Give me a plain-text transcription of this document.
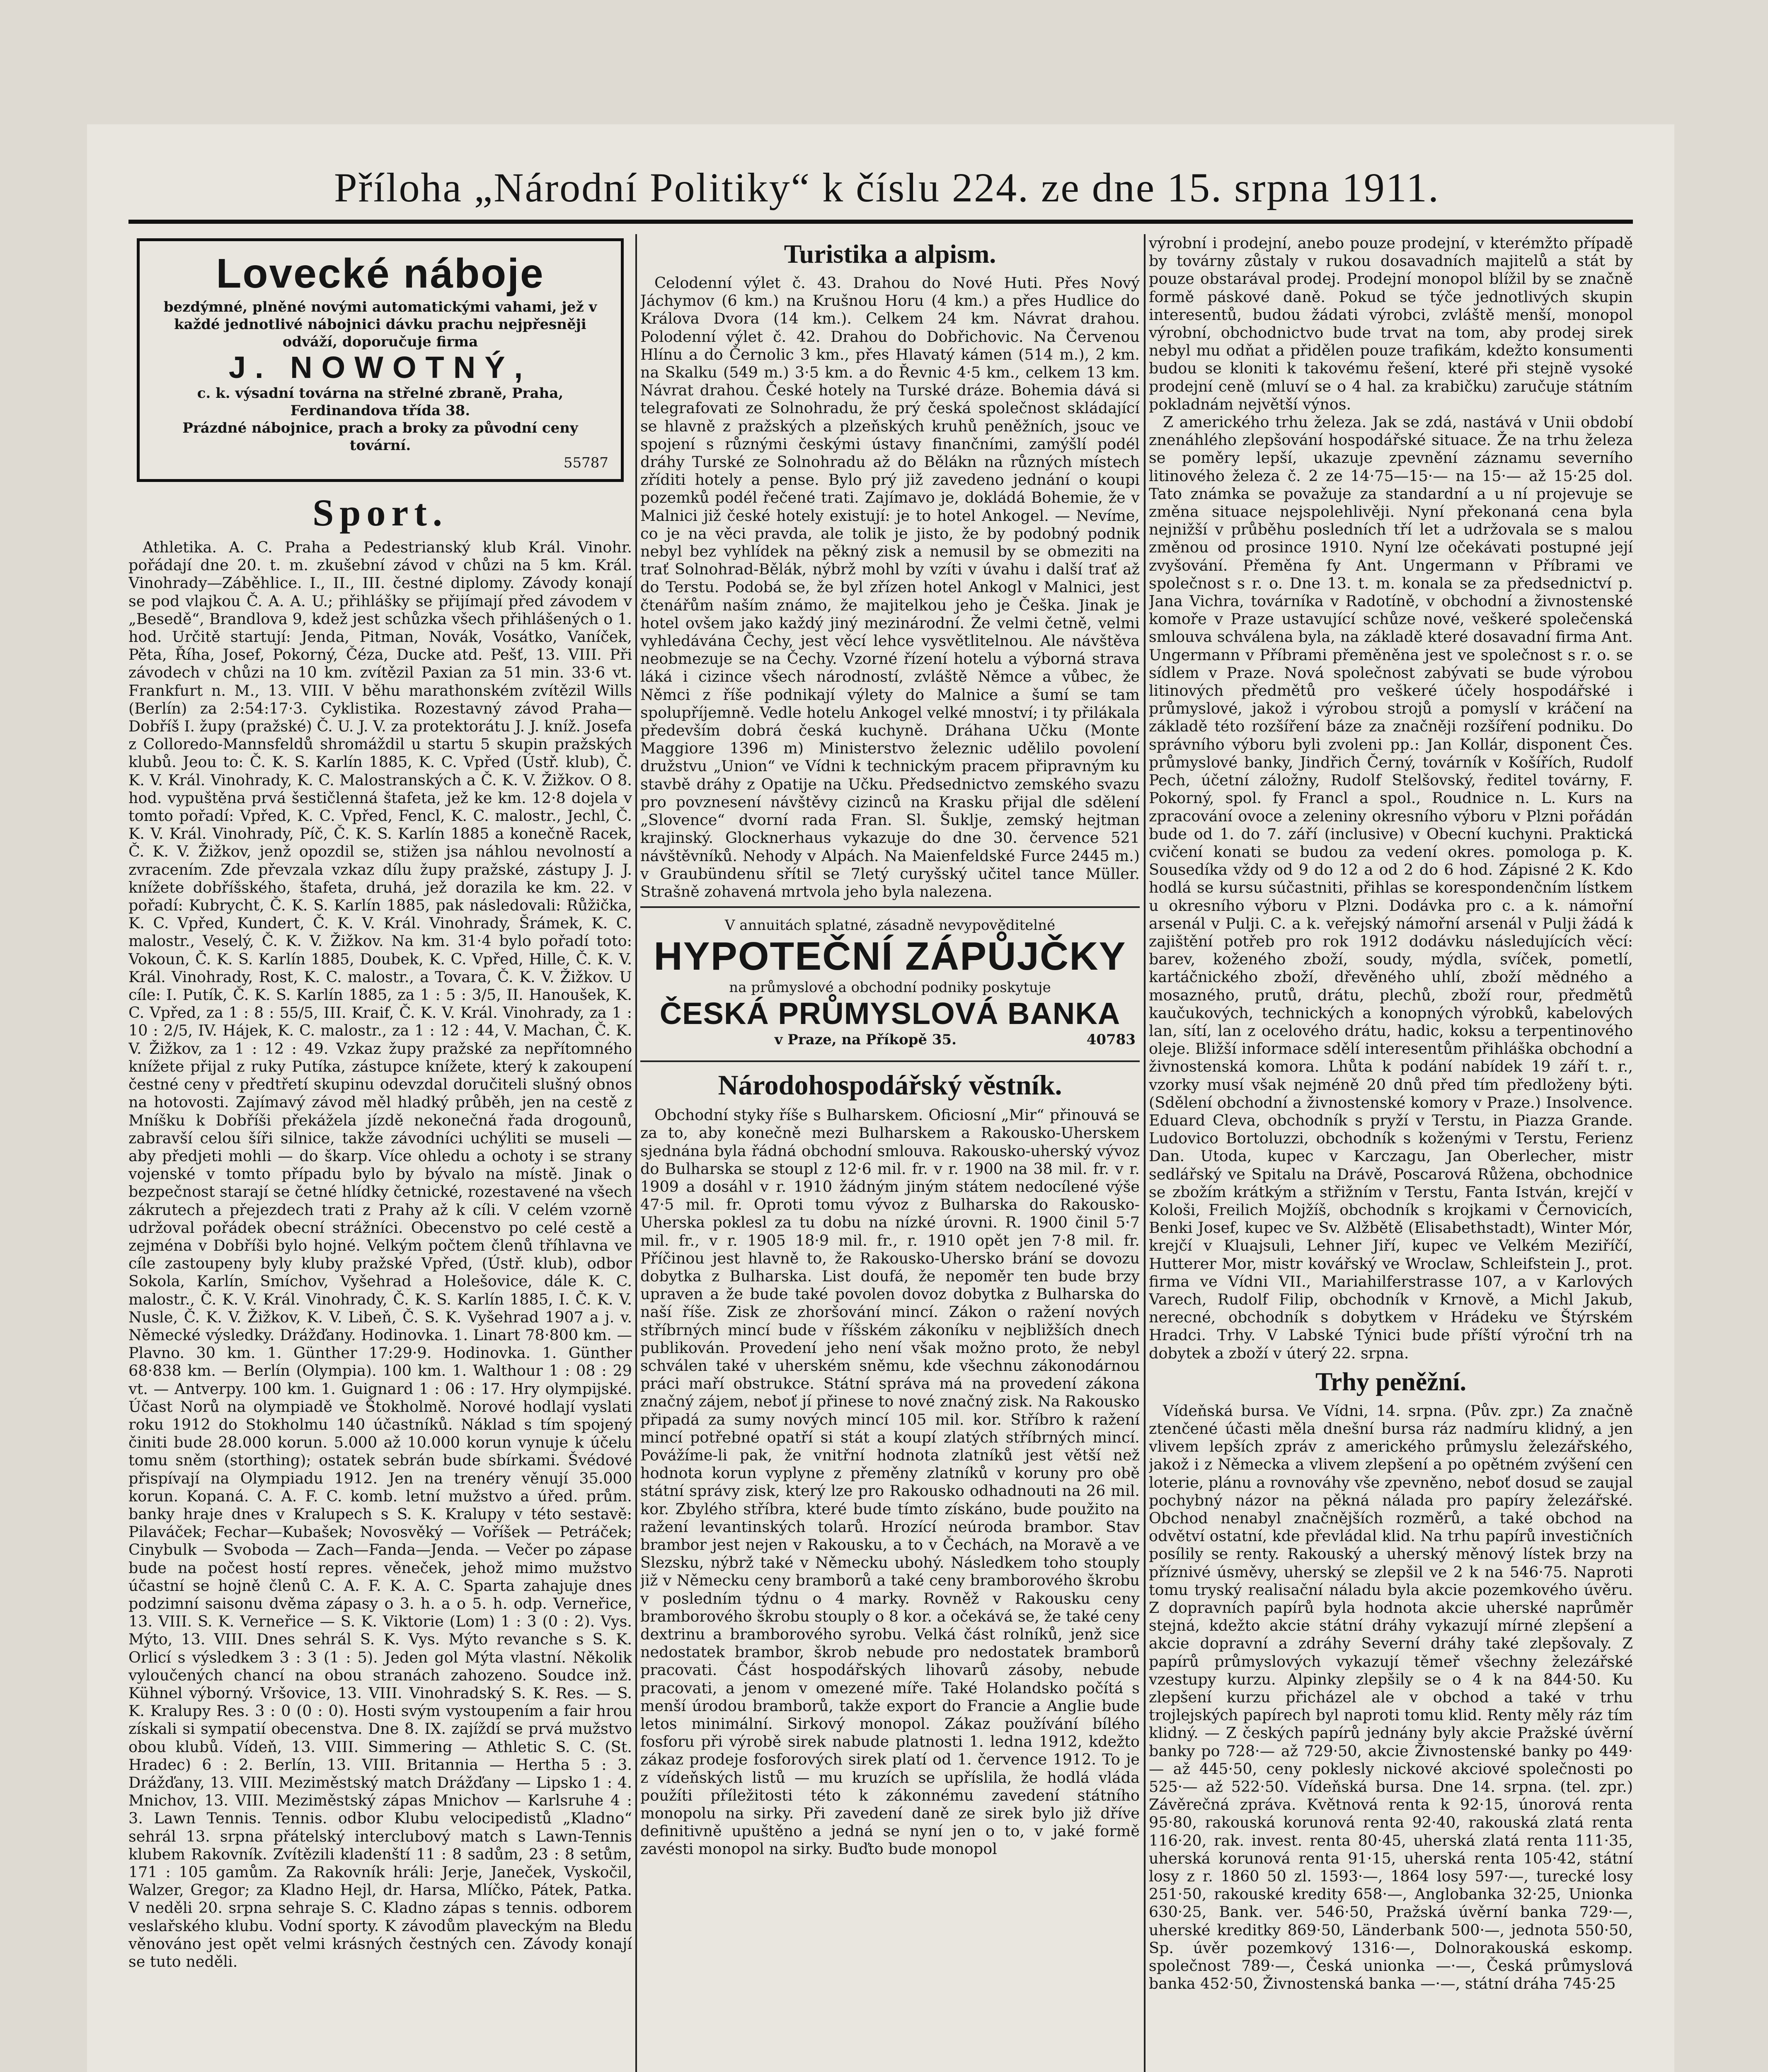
Příloha „Národní Politiky“ k číslu 224. ze dne 15. srpna 1911.
Lovecké náboje
bezdýmné, plněné novými automatickými vahami, jež v každé jednotlivé nábojnici dávku prachu nejpřesněji odváží, doporučuje firma
J. NOWOTNÝ,
c. k. výsadní továrna na střelné zbraně, Praha, Ferdinandova třída 38.
Prázdné nábojnice, prach a broky za původní ceny tovární.
55787
Sport.

Athletika. A. C. Praha a Pedestrianský klub Král. Vinohr. pořádají dne 20. t. m. zkušební závod v chůzi na 5 km. Král. Vinohrady—Záběhlice. I., II., III. čestné diplomy. Závody konají se pod vlajkou Č. A. A. U.; přihlášky se přijímají před závodem v „Besedě“, Brandlova 9, kdež jest schůzka všech přihlášených o 1. hod. Určitě startují: Jenda, Pitman, Novák, Vosátko, Vaníček, Pěta, Říha, Josef, Pokorný, Čéza, Ducke atd. Pešť, 13. VIII. Při závodech v chůzi na 10 km. zvítězil Paxian za 51 min. 33·6 vt. Frankfurt n. M., 13. VIII. V běhu marathonském zvítězil Wills (Berlín) za 2:54:17·3. Cyklistika. Rozestavný závod Praha—Dobříš I. župy (pražské) Č. U. J. V. za protektorátu J. J. kníž. Josefa z Colloredo-Mannsfeldů shromáždil u startu 5 skupin pražských klubů. Jeou to: Č. K. S. Karlín 1885, K. C. Vpřed (Ústř. klub), Č. K. V. Král. Vinohrady, K. C. Malostranských a Č. K. V. Žižkov. O 8. hod. vypuštěna prvá šestičlenná štafeta, jež ke km. 12·8 dojela v tomto pořadí: Vpřed, K. C. Vpřed, Fencl, K. C. malostr., Jechl, Č. K. V. Král. Vinohrady, Píč, Č. K. S. Karlín 1885 a konečně Racek, Č. K. V. Žižkov, jenž opozdil se, stižen jsa náhlou nevolností a zvracením. Zde převzala vzkaz dílu župy pražské, zástupy J. J. knížete dobříšského, štafeta, druhá, jež dorazila ke km. 22. v pořadí: Kubrycht, Č. K. S. Karlín 1885, pak následovali: Růžička, K. C. Vpřed, Kundert, Č. K. V. Král. Vinohrady, Šrámek, K. C. malostr., Veselý, Č. K. V. Žižkov. Na km. 31·4 bylo pořadí toto: Vokoun, Č. K. S. Karlín 1885, Doubek, K. C. Vpřed, Hille, Č. K. V. Král. Vinohrady, Rost, K. C. malostr., a Tovara, Č. K. V. Žižkov. U cíle: I. Putík, Č. K. S. Karlín 1885, za 1 : 5 : 3/5, II. Hanoušek, K. C. Vpřed, za 1 : 8 : 55/5, III. Kraif, Č. K. V. Král. Vinohrady, za 1 : 10 : 2/5, IV. Hájek, K. C. malostr., za 1 : 12 : 44, V. Machan, Č. K. V. Žižkov, za 1 : 12 : 49. Vzkaz župy pražské za nepřítomného knížete přijal z ruky Putíka, zástupce knížete, který k zakoupení čestné ceny v předtřetí skupinu odevzdal doručiteli slušný obnos na hotovosti. Zajímavý závod měl hladký průběh, jen na cestě z Mníšku k Dobříši překážela jízdě nekonečná řada drogounů, zabravší celou šíři silnice, takže závodníci uchýliti se museli — aby předjeti mohli — do škarp. Více ohledu a ochoty i se strany vojenské v tomto případu bylo by bývalo na místě. Jinak o bezpečnost starají se četné hlídky četnické, rozestavené na všech zákrutech a přejezdech trati z Prahy až k cíli. V celém vzorně udržoval pořádek obecní strážníci. Obecenstvo po celé cestě a zejména v Dobříši bylo hojné. Velkým počtem členů tříhlavna ve cíle zastoupeny byly kluby pražské Vpřed, (Ústř. klub), odbor Sokola, Karlín, Smíchov, Vyšehrad a Holešovice, dále K. C. malostr., Č. K. V. Král. Vinohrady, Č. K. S. Karlín 1885, I. Č. K. V. Nusle, Č. K. V. Žižkov, K. V. Libeň, Č. S. K. Vyšehrad 1907 a j. v. Německé výsledky. Drážďany. Hodinovka. 1. Linart 78·800 km. — Plavno. 30 km. 1. Günther 17:29·9. Hodinovka. 1. Günther 68·838 km. — Berlín (Olympia). 100 km. 1. Walthour 1 : 08 : 29 vt. — Antverpy. 100 km. 1. Guignard 1 : 06 : 17. Hry olympijské. Účast Norů na olympiadě ve Štokholmě. Norové hodlají vyslati roku 1912 do Stokholmu 140 účastníků. Náklad s tím spojený činiti bude 28.000 korun. 5.000 až 10.000 korun vynuje k účelu tomu sněm (storthing); ostatek sebrán bude sbírkami. Švédové přispívají na Olympiadu 1912. Jen na trenéry věnují 35.000 korun. Kopaná. C. A. F. C. komb. letní mužstvo a úřed. prům. banky hraje dnes v Kralupech s S. K. Kralupy v této sestavě: Pilaváček; Fechar—Kubašek; Novosvěký — Voříšek — Petráček; Cinybulk — Svoboda — Zach—Fanda—Jenda. — Večer po zápase bude na počest hostí repres. věneček, jehož mimo mužstvo účastní se hojně členů C. A. F. K. A. C. Sparta zahajuje dnes podzimní saisonu dvěma zápasy o 3. h. a o 5. h. odp. Verneřice, 13. VIII. S. K. Verneřice — S. K. Viktorie (Lom) 1 : 3 (0 : 2). Vys. Mýto, 13. VIII. Dnes sehrál S. K. Vys. Mýto revanche s S. K. Orlicí s výsledkem 3 : 3 (1 : 5). Jeden gol Mýta vlastní. Několik vyloučených chancí na obou stranách zahozeno. Soudce inž. Kühnel výborný. Vršovice, 13. VIII. Vinohradský S. K. Res. — S. K. Kralupy Res. 3 : 0 (0 : 0). Hosti svým vystoupením a fair hrou získali si sympatií obecenstva. Dne 8. IX. zajíždí se prvá mužstvo obou klubů. Vídeň, 13. VIII. Simmering — Athletic S. C. (St. Hradec) 6 : 2. Berlín, 13. VIII. Britannia — Hertha 5 : 3. Drážďany, 13. VIII. Meziměstský match Drážďany — Lipsko 1 : 4. Mnichov, 13. VIII. Meziměstský zápas Mnichov — Karlsruhe 4 : 3. Lawn Tennis. Tennis. odbor Klubu velocipedistů „Kladno“ sehrál 13. srpna přátelský interclubový match s Lawn-Tennis klubem Rakovník. Zvítězili kladenští 11 : 8 sadům, 23 : 8 setům, 171 : 105 gamům. Za Rakovník hráli: Jerje, Janeček, Vyskočil, Walzer, Gregor; za Kladno Hejl, dr. Harsa, Mlíčko, Pátek, Patka. V neděli 20. srpna sehraje S. C. Kladno zápas s tennis. odborem veslařského klubu. Vodní sporty. K závodům plaveckým na Bledu věnováno jest opět velmi krásných čestných cen. Závody konají se tuto neděli.

Turistika a alpism.

Celodenní výlet č. 43. Drahou do Nové Huti. Přes Nový Jáchymov (6 km.) na Krušnou Horu (4 km.) a přes Hudlice do Králova Dvora (14 km.). Celkem 24 km. Návrat drahou. Polodenní výlet č. 42. Drahou do Dobřichovic. Na Červenou Hlínu a do Černolic 3 km., přes Hlavatý kámen (514 m.), 2 km. na Skalku (549 m.) 3·5 km. a do Řevnic 4·5 km., celkem 13 km. Návrat drahou. České hotely na Turské dráze. Bohemia dává si telegrafovati ze Solnohradu, že prý česká společnost skládající se hlavně z pražských a plzeňských kruhů peněžních, jsouc ve spojení s různými českými ústavy finančními, zamýšlí podél dráhy Turské ze Solnohradu až do Bělákn na různých místech zříditi hotely a pense. Bylo prý již zavedeno jednání o koupi pozemků podél řečené trati. Zajímavo je, dokládá Bohemie, že v Malnici již české hotely existují: je to hotel Ankogel. — Nevíme, co je na věci pravda, ale tolik je jisto, že by podobný podnik nebyl bez vyhlídek na pěkný zisk a nemusil by se obmeziti na trať Solnohrad-Bělák, nýbrž mohl by vzíti v úvahu i další trať až do Terstu. Podobá se, že byl zřízen hotel Ankogl v Malnici, jest čtenářům naším známo, že majitelkou jeho je Češka. Jinak je hotel ovšem jako každý jiný mezinárodní. Že velmi četně, velmi vyhledávána Čechy, jest věcí lehce vysvětlitelnou. Ale návštěva neobmezuje se na Čechy. Vzorné řízení hotelu a výborná strava láká i cizince všech národností, zvláště Němce a vůbec, že Němci z říše podnikají výlety do Malnice a šumí se tam spolupříjemně. Vedle hotelu Ankogel velké mnoství; i ty přilákala především dobrá česká kuchyně. Dráhana Učku (Monte Maggiore 1396 m) Ministerstvo železnic udělilo povolení družstvu „Union“ ve Vídni k technickým pracem připravným ku stavbě dráhy z Opatije na Učku. Předsednictvo zemského svazu pro povznesení návštěvy cizinců na Krasku přijal dle sdělení „Slovence“ dvorní rada Fran. Sl. Šuklje, zemský hejtman krajinský. Glocknerhaus vykazuje do dne 30. července 521 návštěvníků. Nehody v Alpách. Na Maienfeldské Furce 2445 m.) v Graubündenu sřítil se 7letý curyšský učitel tance Müller. Strašně zohavená mrtvola jeho byla nalezena.

V annuitách splatné, zásadně nevypověditelné
HYPOTEČNÍ ZÁPŮJČKY
na průmyslové a obchodní podniky poskytuje
ČESKÁ PRŮMYSLOVÁ BANKA
v Praze, na Příkopě 35.	40783
Národohospodářský věstník.

Obchodní styky říše s Bulharskem. Oficiosní „Mir“ přinouvá se za to, aby konečně mezi Bulharskem a Rakousko-Uherskem sjednána byla řádná obchodní smlouva. Rakousko-uherský vývoz do Bulharska se stoupl z 12·6 mil. fr. v r. 1900 na 38 mil. fr. v r. 1909 a dosáhl v r. 1910 žádným jiným státem nedocílené výše 47·5 mil. fr. Oproti tomu vývoz z Bulharska do Rakousko-Uherska poklesl za tu dobu na nízké úrovni. R. 1900 činil 5·7 mil. fr., v r. 1905 18·9 mil. fr., r. 1910 opět jen 7·8 mil. fr. Příčinou jest hlavně to, že Rakousko-Uhersko brání se dovozu dobytka z Bulharska. List doufá, že nepoměr ten bude brzy upraven a že bude také povolen dovoz dobytka z Bulharska do naší říše. Zisk ze zhoršování mincí. Zákon o ražení nových stříbrných mincí bude v říšském zákoníku v nejbližších dnech publikován. Provedení jeho není však možno proto, že nebyl schválen také v uherském sněmu, kde všechnu zákonodárnou práci maří obstrukce. Státní správa má na provedení zákona značný zájem, neboť jí přinese to nové značný zisk. Na Rakousko připadá za sumy nových mincí 105 mil. kor. Stříbro k ražení mincí potřebné opatří si stát a koupí zlatých stříbrných mincí. Povážíme-li pak, že vnitřní hodnota zlatníků jest větší než hodnota korun vyplyne z přeměny zlatníků v koruny pro obě státní správy zisk, který lze pro Rakousko odhadnouti na 26 mil. kor. Zbylého stříbra, které bude tímto získáno, bude použito na ražení levantinských tolarů. Hrozící neúroda brambor. Stav brambor jest nejen v Rakousku, a to v Čechách, na Moravě a ve Slezsku, nýbrž také v Německu ubohý. Následkem toho stouply již v Německu ceny bramborů a také ceny bramborového škrobu v posledním týdnu o 4 marky. Rovněž v Rakousku ceny bramborového škrobu stouply o 8 kor. a očekává se, že také ceny dextrinu a bramborového syrobu. Velká část rolníků, jenž sice nedostatek brambor, škrob nebude pro nedostatek bramborů pracovati. Část hospodářských lihovarů zásoby, nebude pracovati, a jenom v omezené míře. Také Holandsko počítá s menší úrodou bramborů, takže export do Francie a Anglie bude letos minimální. Sirkový monopol. Zákaz používání bílého fosforu při výrobě sirek nabude platnosti 1. ledna 1912, kdežto zákaz prodeje fosforových sirek platí od 1. července 1912. To je z vídeňských listů — mu kruzích se upříslila, že hodlá vláda použíti příležitosti této k zákonnému zavedení státního monopolu na sirky. Při zavedení daně ze sirek bylo již dříve definitivně upuštěno a jedná se nyní jen o to, v jaké formě zavésti monopol na sirky. Buďto bude monopol

výrobní i prodejní, anebo pouze prodejní, v kterémžto případě by továrny zůstaly v rukou dosavadních majitelů a stát by pouze obstarával prodej. Prodejní monopol blížil by se značně formě páskové daně. Pokud se týče jednotlivých skupin interesentů, budou žádati výrobci, zvláště menší, monopol výrobní, obchodnictvo bude trvat na tom, aby prodej sirek nebyl mu odňat a přidělen pouze trafikám, kdežto konsumenti budou se kloniti k takovému řešení, které při stejně vysoké prodejní ceně (mluví se o 4 hal. za krabičku) zaručuje státním pokladnám největší výnos.

Z amerického trhu železa. Jak se zdá, nastává v Unii období znenáhlého zlepšování hospodářské situace. Že na trhu železa se poměry lepší, ukazuje zpevnění záznamu severního litinového železa č. 2 ze 14·75—15·— na 15·— až 15·25 dol. Tato známka se považuje za standardní a u ní projevuje se změna situace nejspolehlivěji. Nyní překonaná cena byla nejnižší v průběhu posledních tří let a udržovala se s malou změnou od prosince 1910. Nyní lze očekávati postupné její zvyšování. Přeměna fy Ant. Ungermann v Příbrami ve společnost s r. o. Dne 13. t. m. konala se za předsednictví p. Jana Vichra, továrníka v Radotíně, v obchodní a živnostenské komoře v Praze ustavující schůze nové, veškeré společenská smlouva schválena byla, na základě které dosavadní firma Ant. Ungermann v Příbrami přeměněna jest ve společnost s r. o. se sídlem v Praze. Nová společnost zabývati se bude výrobou litinových předmětů pro veškeré účely hospodářské i průmyslové, jakož i výrobou strojů a pomyslí v kráčení na základě této rozšíření báze za značněji rozšíření podniku. Do správního výboru byli zvoleni pp.: Jan Kollár, disponent Čes. průmyslové banky, Jindřich Černý, továrník v Košířích, Rudolf Pech, účetní záložny, Rudolf Stelšovský, ředitel továrny, F. Pokorný, spol. fy Francl a spol., Roudnice n. L. Kurs na zpracování ovoce a zeleniny okresního výboru v Plzni pořádán bude od 1. do 7. září (inclusive) v Obecní kuchyni. Praktická cvičení konati se budou za vedení okres. pomologa p. K. Sousedíka vždy od 9 do 12 a od 2 do 6 hod. Zápisné 2 K. Kdo hodlá se kursu súčastniti, přihlas se korespondenčním lístkem u okresního výboru v Plzni. Dodávka pro c. a k. námořní arsenál v Pulji. C. a k. veřejský námořní arsenál v Pulji žádá k zajištění potřeb pro rok 1912 dodávku následujících věcí: barev, koženého zboží, soudy, mýdla, svíček, pometlí, kartáčnického zboží, dřevěného uhlí, zboží mědného a mosazného, prutů, drátu, plechů, zboží rour, předmětů kaučukových, technických a konopných výrobků, kabelových lan, sítí, lan z ocelového drátu, hadic, koksu a terpentinového oleje. Bližší informace sdělí interesentům přihláška obchodní a živnostenská komora. Lhůta k podání nabídek 19 září t. r., vzorky musí však nejméně 20 dnů před tím předloženy býti. (Sdělení obchodní a živnostenské komory v Praze.) Insolvence. Eduard Cleva, obchodník s pryží v Terstu, in Piazza Grande. Ludovico Bortoluzzi, obchodník s koženými v Terstu, Ferienz Dan. Utoda, kupec v Karczagu, Jan Oberlecher, mistr sedlářský ve Spitalu na Drávě, Poscarová Růžena, obchodnice se zbožím krátkým a střižním v Terstu, Fanta István, krejčí v Kološi, Freilich Mojžíš, obchodník s krojkami v Černovicích, Benki Josef, kupec ve Sv. Alžbětě (Elisabethstadt), Winter Mór, krejčí v Kluajsuli, Lehner Jiří, kupec ve Velkém Meziříčí, Hutterer Mor, mistr kovářský ve Wroclaw, Schleifstein J., prot. firma ve Vídni VII., Mariahilferstrasse 107, a v Karlových Varech, Rudolf Filip, obchodník v Krnově, a Michl Jakub, nerecné, obchodník s dobytkem v Hrádeku ve Štýrském Hradci. Trhy. V Labské Týnici bude příští výroční trh na dobytek a zboží v úterý 22. srpna.

Trhy peněžní.

Vídeňská bursa. Ve Vídni, 14. srpna. (Pův. zpr.) Za značně ztenčené účasti měla dnešní bursa ráz nadmíru klidný, a jen vlivem lepších zpráv z amerického průmyslu železářského, jakož i z Německa a vlivem zlepšení a po opětném zvýšení cen loterie, plánu a rovnováhy vše zpevněno, neboť dosud se zaujal pochybný názor na pěkná nálada pro papíry železářské. Obchod nenabyl značnějších rozměrů, a také obchod na odvětví ostatní, kde převládal klid. Na trhu papírů investičních posílily se renty. Rakouský a uherský měnový lístek brzy na příznivé úsměvy, uherský se zlepšil ve 2 k na 546·75. Naproti tomu tryský realisační náladu byla akcie pozemkového úvěru. Z dopravních papírů byla hodnota akcie uherské naprůměr stejná, kdežto akcie státní dráhy vykazují mírné zlepšení a akcie dopravní a zdráhy Severní dráhy také zlepšovaly. Z papírů průmyslových vykazují těmeř všechny železářské vzestupy kurzu. Alpinky zlepšily se o 4 k na 844·50. Ku zlepšení kurzu přicházel ale v obchod a také v trhu trojlejských papírech byl naproti tomu klid. Renty měly ráz tím klidný. — Z českých papírů jednány byly akcie Pražské úvěrní banky po 728·— až 729·50, akcie Živnostenské banky po 449·— až 445·50, ceny poklesly nickové akciové společnosti po 525·— až 522·50. Vídeňská bursa. Dne 14. srpna. (tel. zpr.) Závěrečná zpráva. Květnová renta k 92·15, únorová renta 95·80, rakouská korunová renta 92·40, rakouská zlatá renta 116·20, rak. invest. renta 80·45, uherská zlatá renta 111·35, uherská korunová renta 91·15, uherská renta 105·42, státní losy z r. 1860 50 zl. 1593·—, 1864 losy 597·—, turecké losy 251·50, rakouské kredity 658·—, Anglobanka 32·25, Unionka 630·25, Bank. ver. 546·50, Pražská úvěrní banka 729·—, uherské kreditky 869·50, Länderbank 500·—, jednota 550·50, Sp. úvěr pozemkový 1316·—, Dolnorakouská eskomp. společnost 789·—, Česká unionka —·—, Česká průmyslová banka 452·50, Živnostenská banka —·—, státní dráha 745·25
